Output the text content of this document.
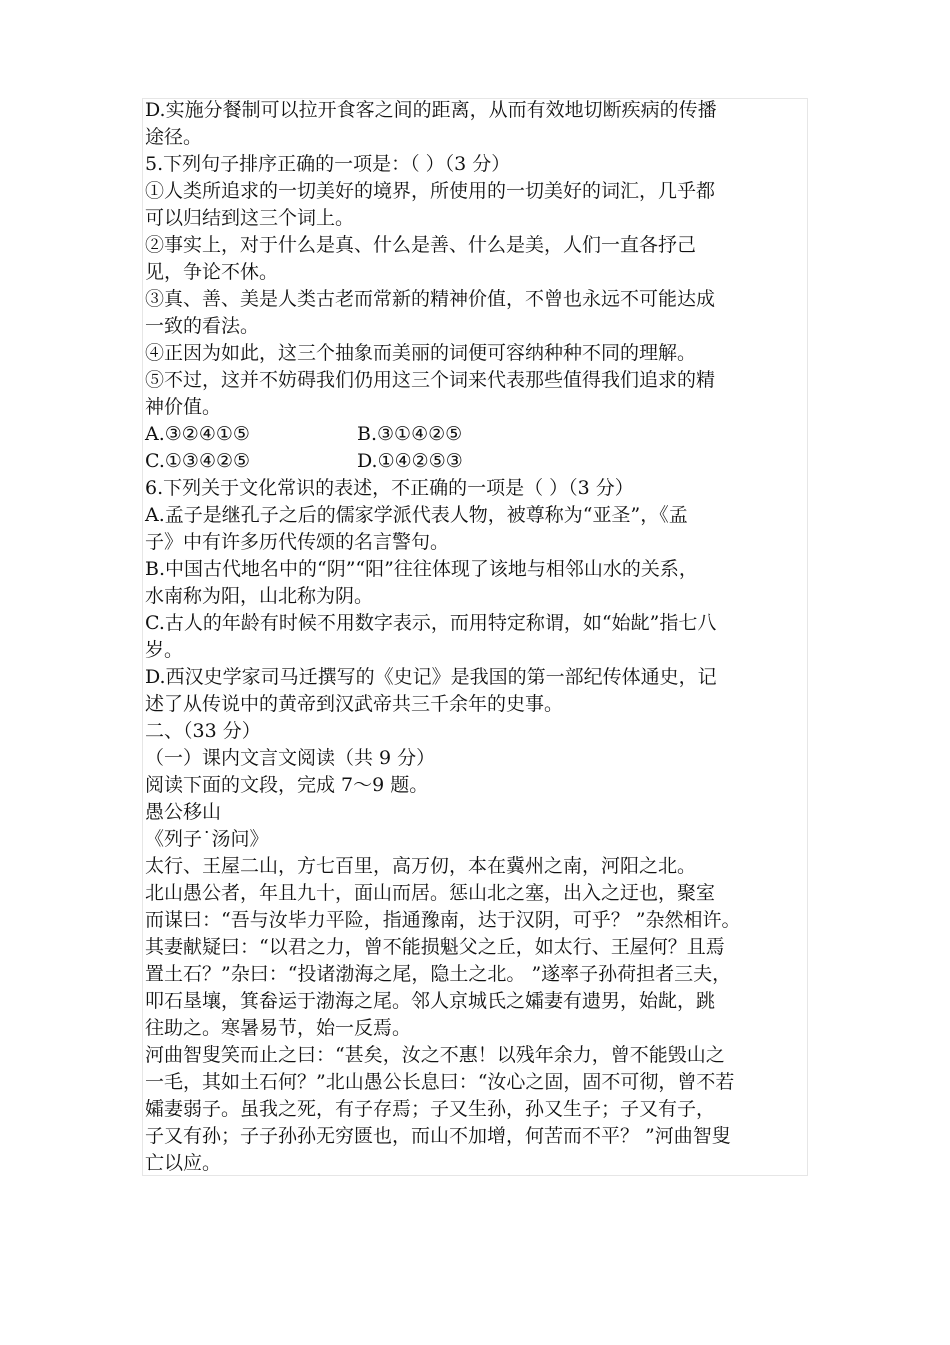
D.实施分餐制可以拉开食客之间的距离，从而有效地切断疾病的传播
途径。
5.下列句子排序正确的一项是：（ ）（3 分）
①人类所追求的一切美好的境界，所使用的一切美好的词汇，几乎都
可以归结到这三个词上。
②事实上，对于什么是真、什么是善、什么是美，人们一直各抒己
见，争论不休。
③真、善、美是人类古老而常新的精神价值，不曾也永远不可能达成
一致的看法。
④正因为如此，这三个抽象而美丽的词便可容纳种种不同的理解。
⑤不过，这并不妨碍我们仍用这三个词来代表那些值得我们追求的精
神价值。
A.③②④①⑤	B.③①④②⑤
C.①③④②⑤	D.①④②⑤③
6.下列关于文化常识的表述，不正确的一项是（ ）（3 分）
A.孟子是继孔子之后的儒家学派代表人物，被尊称为“亚圣”，《孟
子》中有许多历代传颂的名言警句。
B.中国古代地名中的“阴”“阳”往往体现了该地与相邻山水的关系，
水南称为阳，山北称为阴。
C.古人的年龄有时候不用数字表示，而用特定称谓，如“始龀”指七八
岁。
D.西汉史学家司马迁撰写的《史记》是我国的第一部纪传体通史，记
述了从传说中的黄帝到汉武帝共三千余年的史事。
二、（33 分）
（一）课内文言文阅读（共 9 分）
阅读下面的文段，完成 7～9 题。
愚公移山
《列子˙汤问》
太行、王屋二山，方七百里，高万仞，本在冀州之南，河阳之北。
北山愚公者，年且九十，面山而居。惩山北之塞，出入之迂也，聚室
而谋曰：“吾与汝毕力平险，指通豫南，达于汉阴，可乎？ ”杂然相许。
其妻献疑曰：“以君之力，曾不能损魁父之丘，如太行、王屋何？且焉
置土石？”杂曰：“投诸渤海之尾，隐土之北。 ”遂率子孙荷担者三夫，
叩石垦壤，箕畚运于渤海之尾。邻人京城氏之孀妻有遗男，始龀，跳
往助之。寒暑易节，始一反焉。
河曲智叟笑而止之曰：“甚矣，汝之不惠！以残年余力，曾不能毁山之
一毛，其如土石何？”北山愚公长息曰：“汝心之固，固不可彻，曾不若
孀妻弱子。虽我之死，有子存焉；子又生孙，孙又生子；子又有子，
子又有孙；子子孙孙无穷匮也，而山不加增，何苦而不平？ ”河曲智叟
亡以应。
